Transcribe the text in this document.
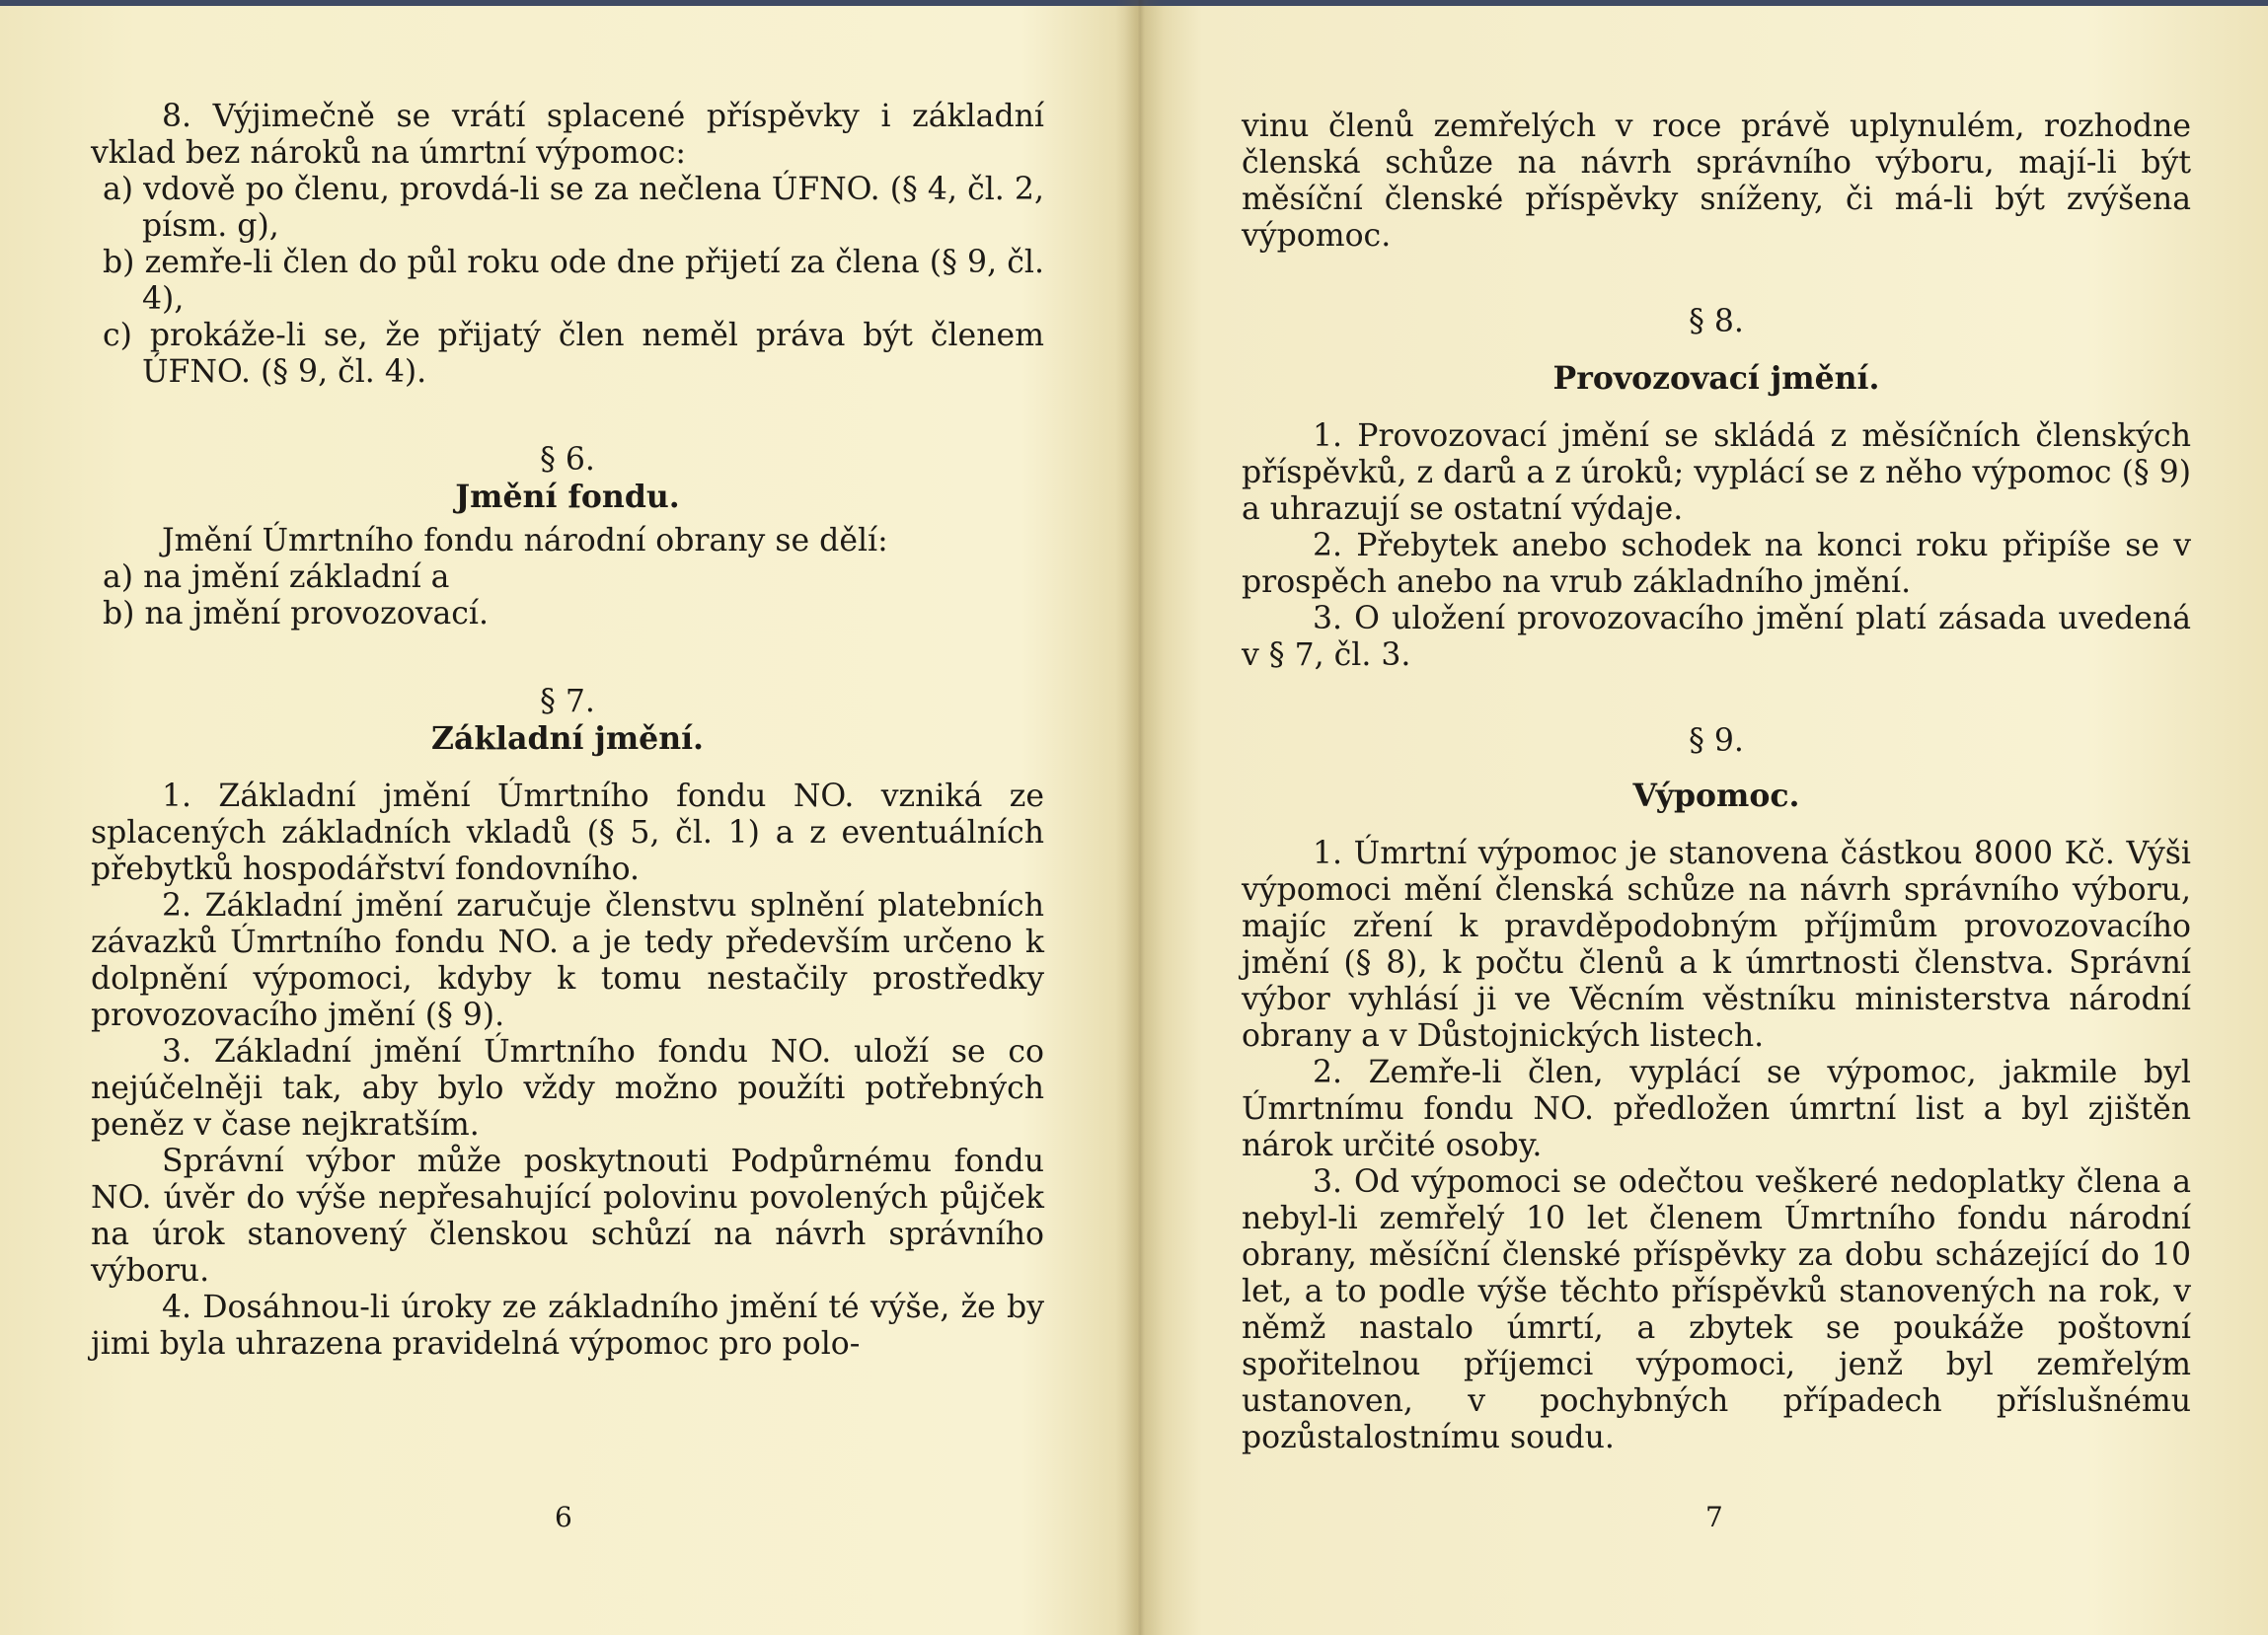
8. Výjimečně se vrátí splacené příspěvky i základní vklad bez nároků na úmrtní výpomoc:

a) vdově po členu, provdá-li se za nečlena ÚFNO. (§ 4, čl. 2, písm. g),

b) zemře-li člen do půl roku ode dne přijetí za člena (§ 9, čl. 4),

c) prokáže-li se, že přijatý člen neměl práva být členem ÚFNO. (§ 9, čl. 4).

§ 6.

Jmění fondu.

Jmění Úmrtního fondu národní obrany se dělí:

a) na jmění základní a

b) na jmění provozovací.

§ 7.

Základní jmění.

1. Základní jmění Úmrtního fondu NO. vzniká ze splacených základních vkladů (§ 5, čl. 1) a z eventuálních přebytků hospodářství fondovního.

2. Základní jmění zaručuje členstvu splnění platebních závazků Úmrtního fondu NO. a je tedy především určeno k dolpnění výpomoci, kdyby k tomu nestačily prostředky provozovacího jmění (§ 9).

3. Základní jmění Úmrtního fondu NO. uloží se co nejúčelněji tak, aby bylo vždy možno použíti potřebných peněz v čase nejkratším.

Správní výbor může poskytnouti Podpůrnému fondu NO. úvěr do výše nepřesahující polovinu povolených půjček na úrok stanovený členskou schůzí na návrh správního výboru.

4. Dosáhnou-li úroky ze základního jmění té výše, že by jimi byla uhrazena pravidelná výpomoc pro polo-

6

vinu členů zemřelých v roce právě uplynulém, rozhodne členská schůze na návrh správního výboru, mají-li být měsíční členské příspěvky sníženy, či má-li být zvýšena výpomoc.

§ 8.

Provozovací jmění.

1. Provozovací jmění se skládá z měsíčních členských příspěvků, z darů a z úroků; vyplácí se z něho výpomoc (§ 9) a uhrazují se ostatní výdaje.

2. Přebytek anebo schodek na konci roku připíše se v prospěch anebo na vrub základního jmění.

3. O uložení provozovacího jmění platí zásada uvedená v § 7, čl. 3.

§ 9.

Výpomoc.

1. Úmrtní výpomoc je stanovena částkou 8000 Kč. Výši výpomoci mění členská schůze na návrh správního výboru, majíc zření k pravděpodobným příjmům provozovacího jmění (§ 8), k počtu členů a k úmrtnosti členstva. Správní výbor vyhlásí ji ve Věcním věstníku ministerstva národní obrany a v Důstojnických listech.

2. Zemře-li člen, vyplácí se výpomoc, jakmile byl Úmrtnímu fondu NO. předložen úmrtní list a byl zjištěn nárok určité osoby.

3. Od výpomoci se odečtou veškeré nedoplatky člena a nebyl-li zemřelý 10 let členem Úmrtního fondu národní obrany, měsíční členské příspěvky za dobu scházející do 10 let, a to podle výše těchto příspěvků stanovených na rok, v němž nastalo úmrtí, a zbytek se poukáže poštovní spořitelnou příjemci výpomoci, jenž byl zemřelým ustanoven, v pochybných případech příslušnému pozůstalostnímu soudu.

7
